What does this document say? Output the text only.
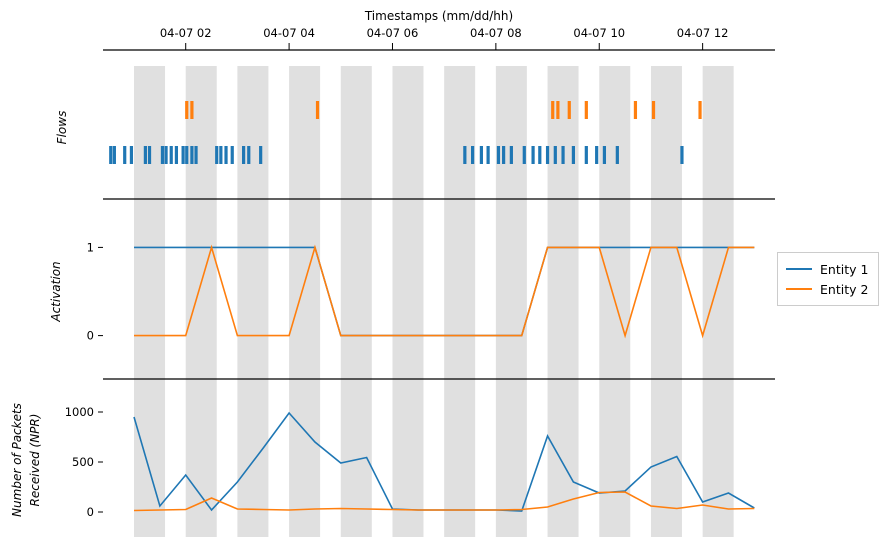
04-07 02	04-07 04	04-07 06	04-07 08	04-07 10	04-07 12
Timestamps (mm/dd/hh)
Flows
0
1
Activation
0
500
1000
Number of Packets Received (NPR)
Entity 1
Entity 2
